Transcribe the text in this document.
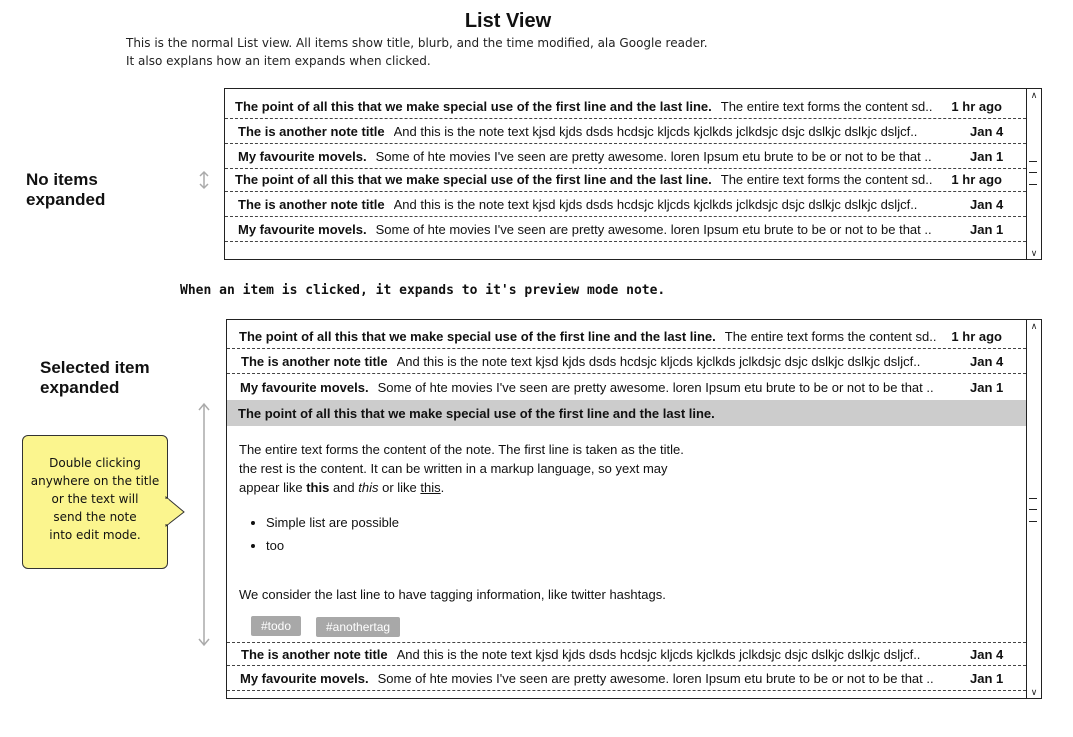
List View
This is the normal List view. All items show title, blurb, and the time modified, ala Google reader.
It also explans how an item expands when clicked.
No items
expanded
The point of all this that we make special use of the first line and the last line. The entire text forms the content sd..	1 hr ago
The is another note title And this is the note text kjsd kjds dsds hcdsjc kljcds kjclkds jclkdsjc dsjc dslkjc dslkjc dsljcf..	Jan 4
My favourite movels. Some of hte movies I've seen are pretty awesome. loren Ipsum etu brute to be or not to be that ..	Jan 1
The point of all this that we make special use of the first line and the last line. The entire text forms the content sd..	1 hr ago
The is another note title And this is the note text kjsd kjds dsds hcdsjc kljcds kjclkds jclkdsjc dsjc dslkjc dslkjc dsljcf..	Jan 4
My favourite movels. Some of hte movies I've seen are pretty awesome. loren Ipsum etu brute to be or not to be that ..	Jan 1
∧
∨
When an item is clicked, it expands to it's preview mode note.
Selected item
expanded
Double clicking
anywhere on the title
or the text will
send the note
into edit mode.
The point of all this that we make special use of the first line and the last line. The entire text forms the content sd..	1 hr ago
The is another note title And this is the note text kjsd kjds dsds hcdsjc kljcds kjclkds jclkdsjc dsjc dslkjc dslkjc dsljcf..	Jan 4
My favourite movels. Some of hte movies I've seen are pretty awesome. loren Ipsum etu brute to be or not to be that ..	Jan 1
The point of all this that we make special use of the first line and the last line.
The entire text forms the content of the note. The first line is taken as the title.
the rest is the content. It can be written in a markup language, so yext may
appear like this and this or like this.
• Simple list are possible
• too
We consider the last line to have tagging information, like twitter hashtags.
#todo	#anothertag
The is another note title And this is the note text kjsd kjds dsds hcdsjc kljcds kjclkds jclkdsjc dsjc dslkjc dslkjc dsljcf..	Jan 4
My favourite movels. Some of hte movies I've seen are pretty awesome. loren Ipsum etu brute to be or not to be that ..	Jan 1
∧
∨
